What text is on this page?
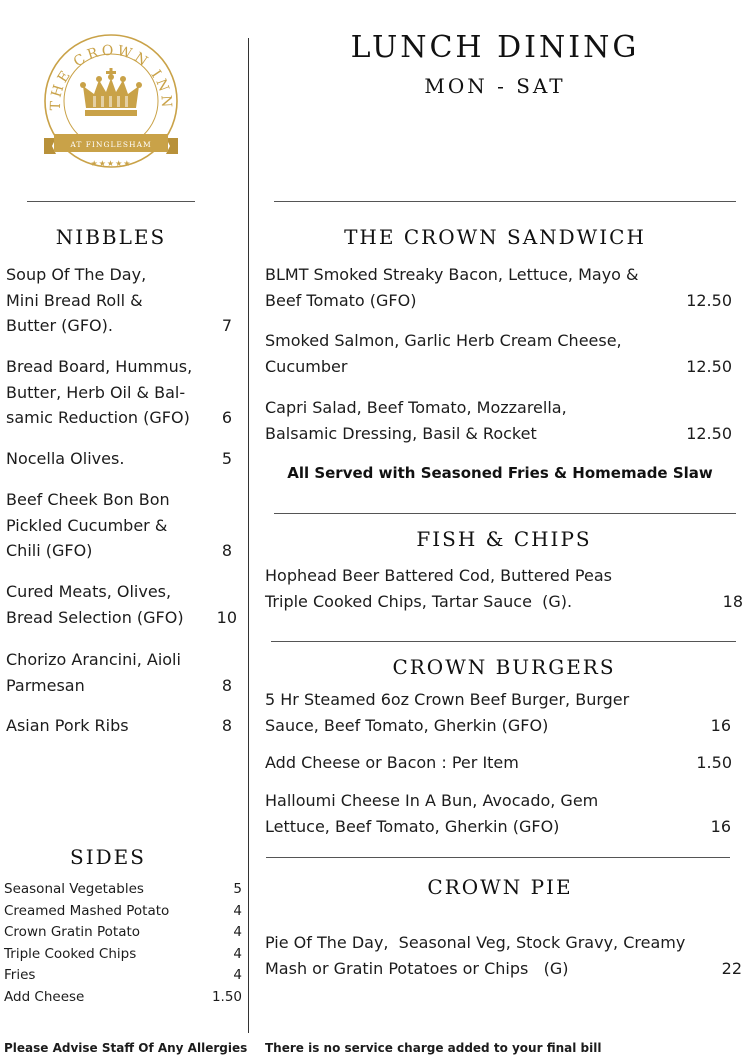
THE CROWN INN
AT FINGLESHAM
★★★★★
LUNCH DINING
MON - SAT
NIBBLES
Soup Of The Day,
Mini Bread Roll &
Butter (GFO).	7
Bread Board, Hummus,
Butter, Herb Oil & Bal-
samic Reduction (GFO)	6
Nocella Olives.	5
Beef Cheek Bon Bon
Pickled Cucumber &
Chili (GFO)	8
Cured Meats, Olives,
Bread Selection (GFO)	10
Chorizo Arancini, Aioli
Parmesan	8
Asian Pork Ribs	8
SIDES
Seasonal Vegetables	5
Creamed Mashed Potato	4
Crown Gratin Potato	4
Triple Cooked Chips	4
Fries	4
Add Cheese	1.50
THE CROWN SANDWICH
BLMT Smoked Streaky Bacon, Lettuce, Mayo &
Beef Tomato (GFO)	12.50
Smoked Salmon, Garlic Herb Cream Cheese,
Cucumber	12.50
Capri Salad, Beef Tomato, Mozzarella,
Balsamic Dressing, Basil & Rocket	12.50
All Served with Seasoned Fries & Homemade Slaw
FISH & CHIPS
Hophead Beer Battered Cod, Buttered Peas
Triple Cooked Chips, Tartar Sauce  (G).	18
CROWN BURGERS
5 Hr Steamed 6oz Crown Beef Burger, Burger
Sauce, Beef Tomato, Gherkin (GFO)	16
Add Cheese or Bacon : Per Item	1.50
Halloumi Cheese In A Bun, Avocado, Gem
Lettuce, Beef Tomato, Gherkin (GFO)	16
CROWN PIE
Pie Of The Day,  Seasonal Veg, Stock Gravy, Creamy
Mash or Gratin Potatoes or Chips   (G)	22
Please Advise Staff Of Any Allergies There is no service charge added to your final bill
